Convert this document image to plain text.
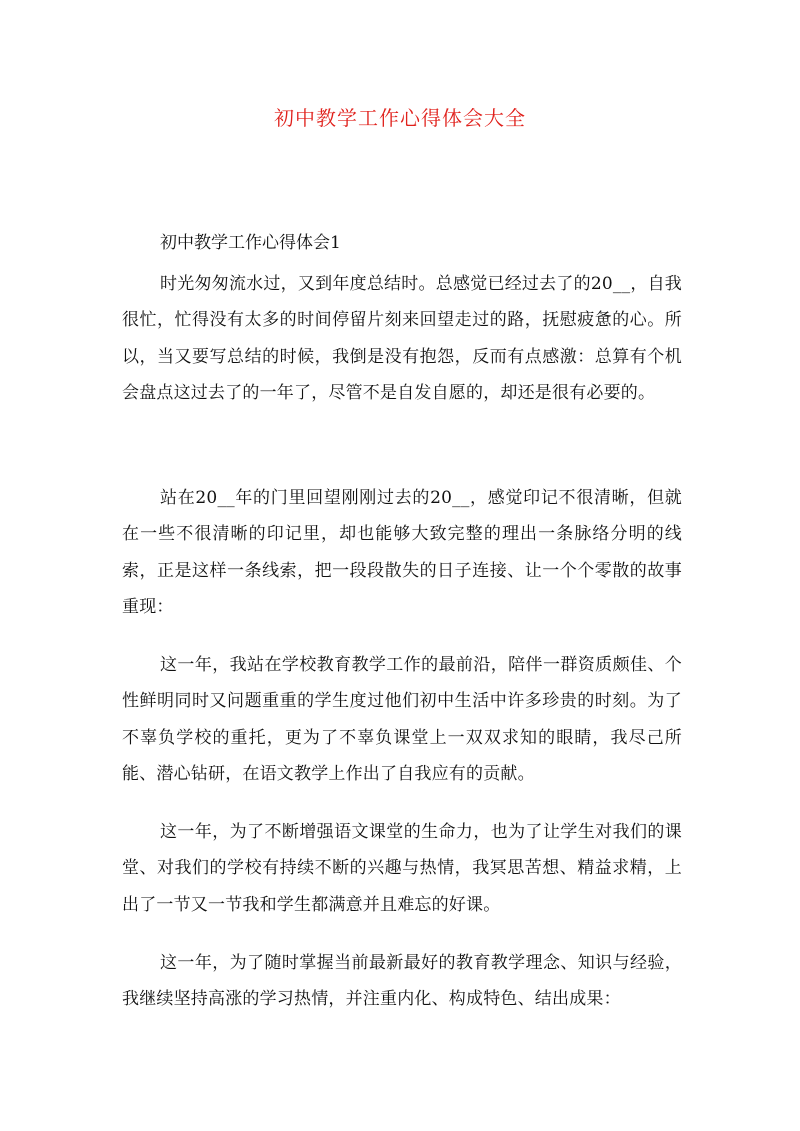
初中教学工作心得体会大全

初中教学工作心得体会1

时光匆匆流水过，又到年度总结时。总感觉已经过去了的20__，自我很忙，忙得没有太多的时间停留片刻来回望走过的路，抚慰疲惫的心。所以，当又要写总结的时候，我倒是没有抱怨，反而有点感激：总算有个机会盘点这过去了的一年了，尽管不是自发自愿的，却还是很有必要的。

站在20__年的门里回望刚刚过去的20__，感觉印记不很清晰，但就在一些不很清晰的印记里，却也能够大致完整的理出一条脉络分明的线索，正是这样一条线索，把一段段散失的日子连接、让一个个零散的故事重现：

这一年，我站在学校教育教学工作的最前沿，陪伴一群资质颇佳、个性鲜明同时又问题重重的学生度过他们初中生活中许多珍贵的时刻。为了不辜负学校的重托，更为了不辜负课堂上一双双求知的眼睛，我尽己所能、潜心钻研，在语文教学上作出了自我应有的贡献。

这一年，为了不断增强语文课堂的生命力，也为了让学生对我们的课堂、对我们的学校有持续不断的兴趣与热情，我冥思苦想、精益求精，上出了一节又一节我和学生都满意并且难忘的好课。

这一年，为了随时掌握当前最新最好的教育教学理念、知识与经验，我继续坚持高涨的学习热情，并注重内化、构成特色、结出成果：
